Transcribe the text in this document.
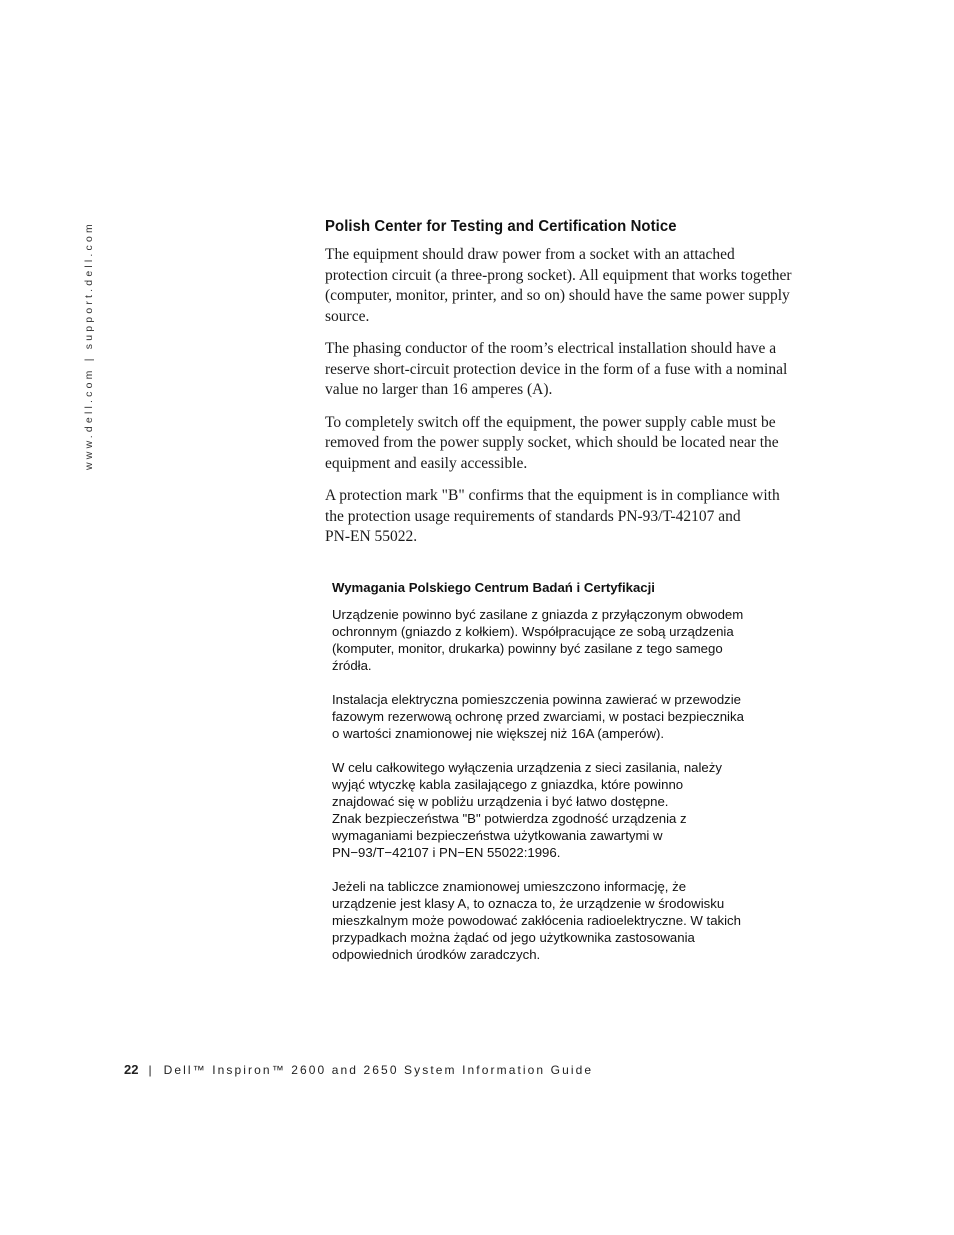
www.dell.com | support.dell.com	Polish Center for Testing and Certification Notice

The equipment should draw power from a socket with an attached
protection circuit (a three-prong socket). All equipment that works together
(computer, monitor, printer, and so on) should have the same power supply
source.

The phasing conductor of the room’s electrical installation should have a
reserve short-circuit protection device in the form of a fuse with a nominal
value no larger than 16 amperes (A).

To completely switch off the equipment, the power supply cable must be
removed from the power supply socket, which should be located near the
equipment and easily accessible.

A protection mark "B" confirms that the equipment is in compliance with
the protection usage requirements of standards PN-93/T-42107 and
PN-EN 55022.

Wymagania Polskiego Centrum Badań i Certyfikacji

Urządzenie powinno być zasilane z gniazda z przyłączonym obwodem
ochronnym (gniazdo z kołkiem). Współpracujące ze sobą urządzenia
(komputer, monitor, drukarka) powinny być zasilane z tego samego
źródła.

Instalacja elektryczna pomieszczenia powinna zawierać w przewodzie
fazowym rezerwową ochronę przed zwarciami, w postaci bezpiecznika
o wartości znamionowej nie większej niż 16A (amperów).

W celu całkowitego wyłączenia urządzenia z sieci zasilania, należy
wyjąć wtyczkę kabla zasilającego z gniazdka, które powinno
znajdować się w pobliżu urządzenia i być łatwo dostępne.

Znak bezpieczeństwa "B" potwierdza zgodność urządzenia z
wymaganiami bezpieczeństwa użytkowania zawartymi w
PN−93/T−42107 i PN−EN 55022:1996.

Jeżeli na tabliczce znamionowej umieszczono informację, że
urządzenie jest klasy A, to oznacza to, że urządzenie w środowisku
mieszkalnym może powodować zakłócenia radioelektryczne. W takich
przypadkach można żądać od jego użytkownika zastosowania
odpowiednich úrodków zaradczych.

22 | Dell™ Inspiron™ 2600 and 2650 System Information Guide
